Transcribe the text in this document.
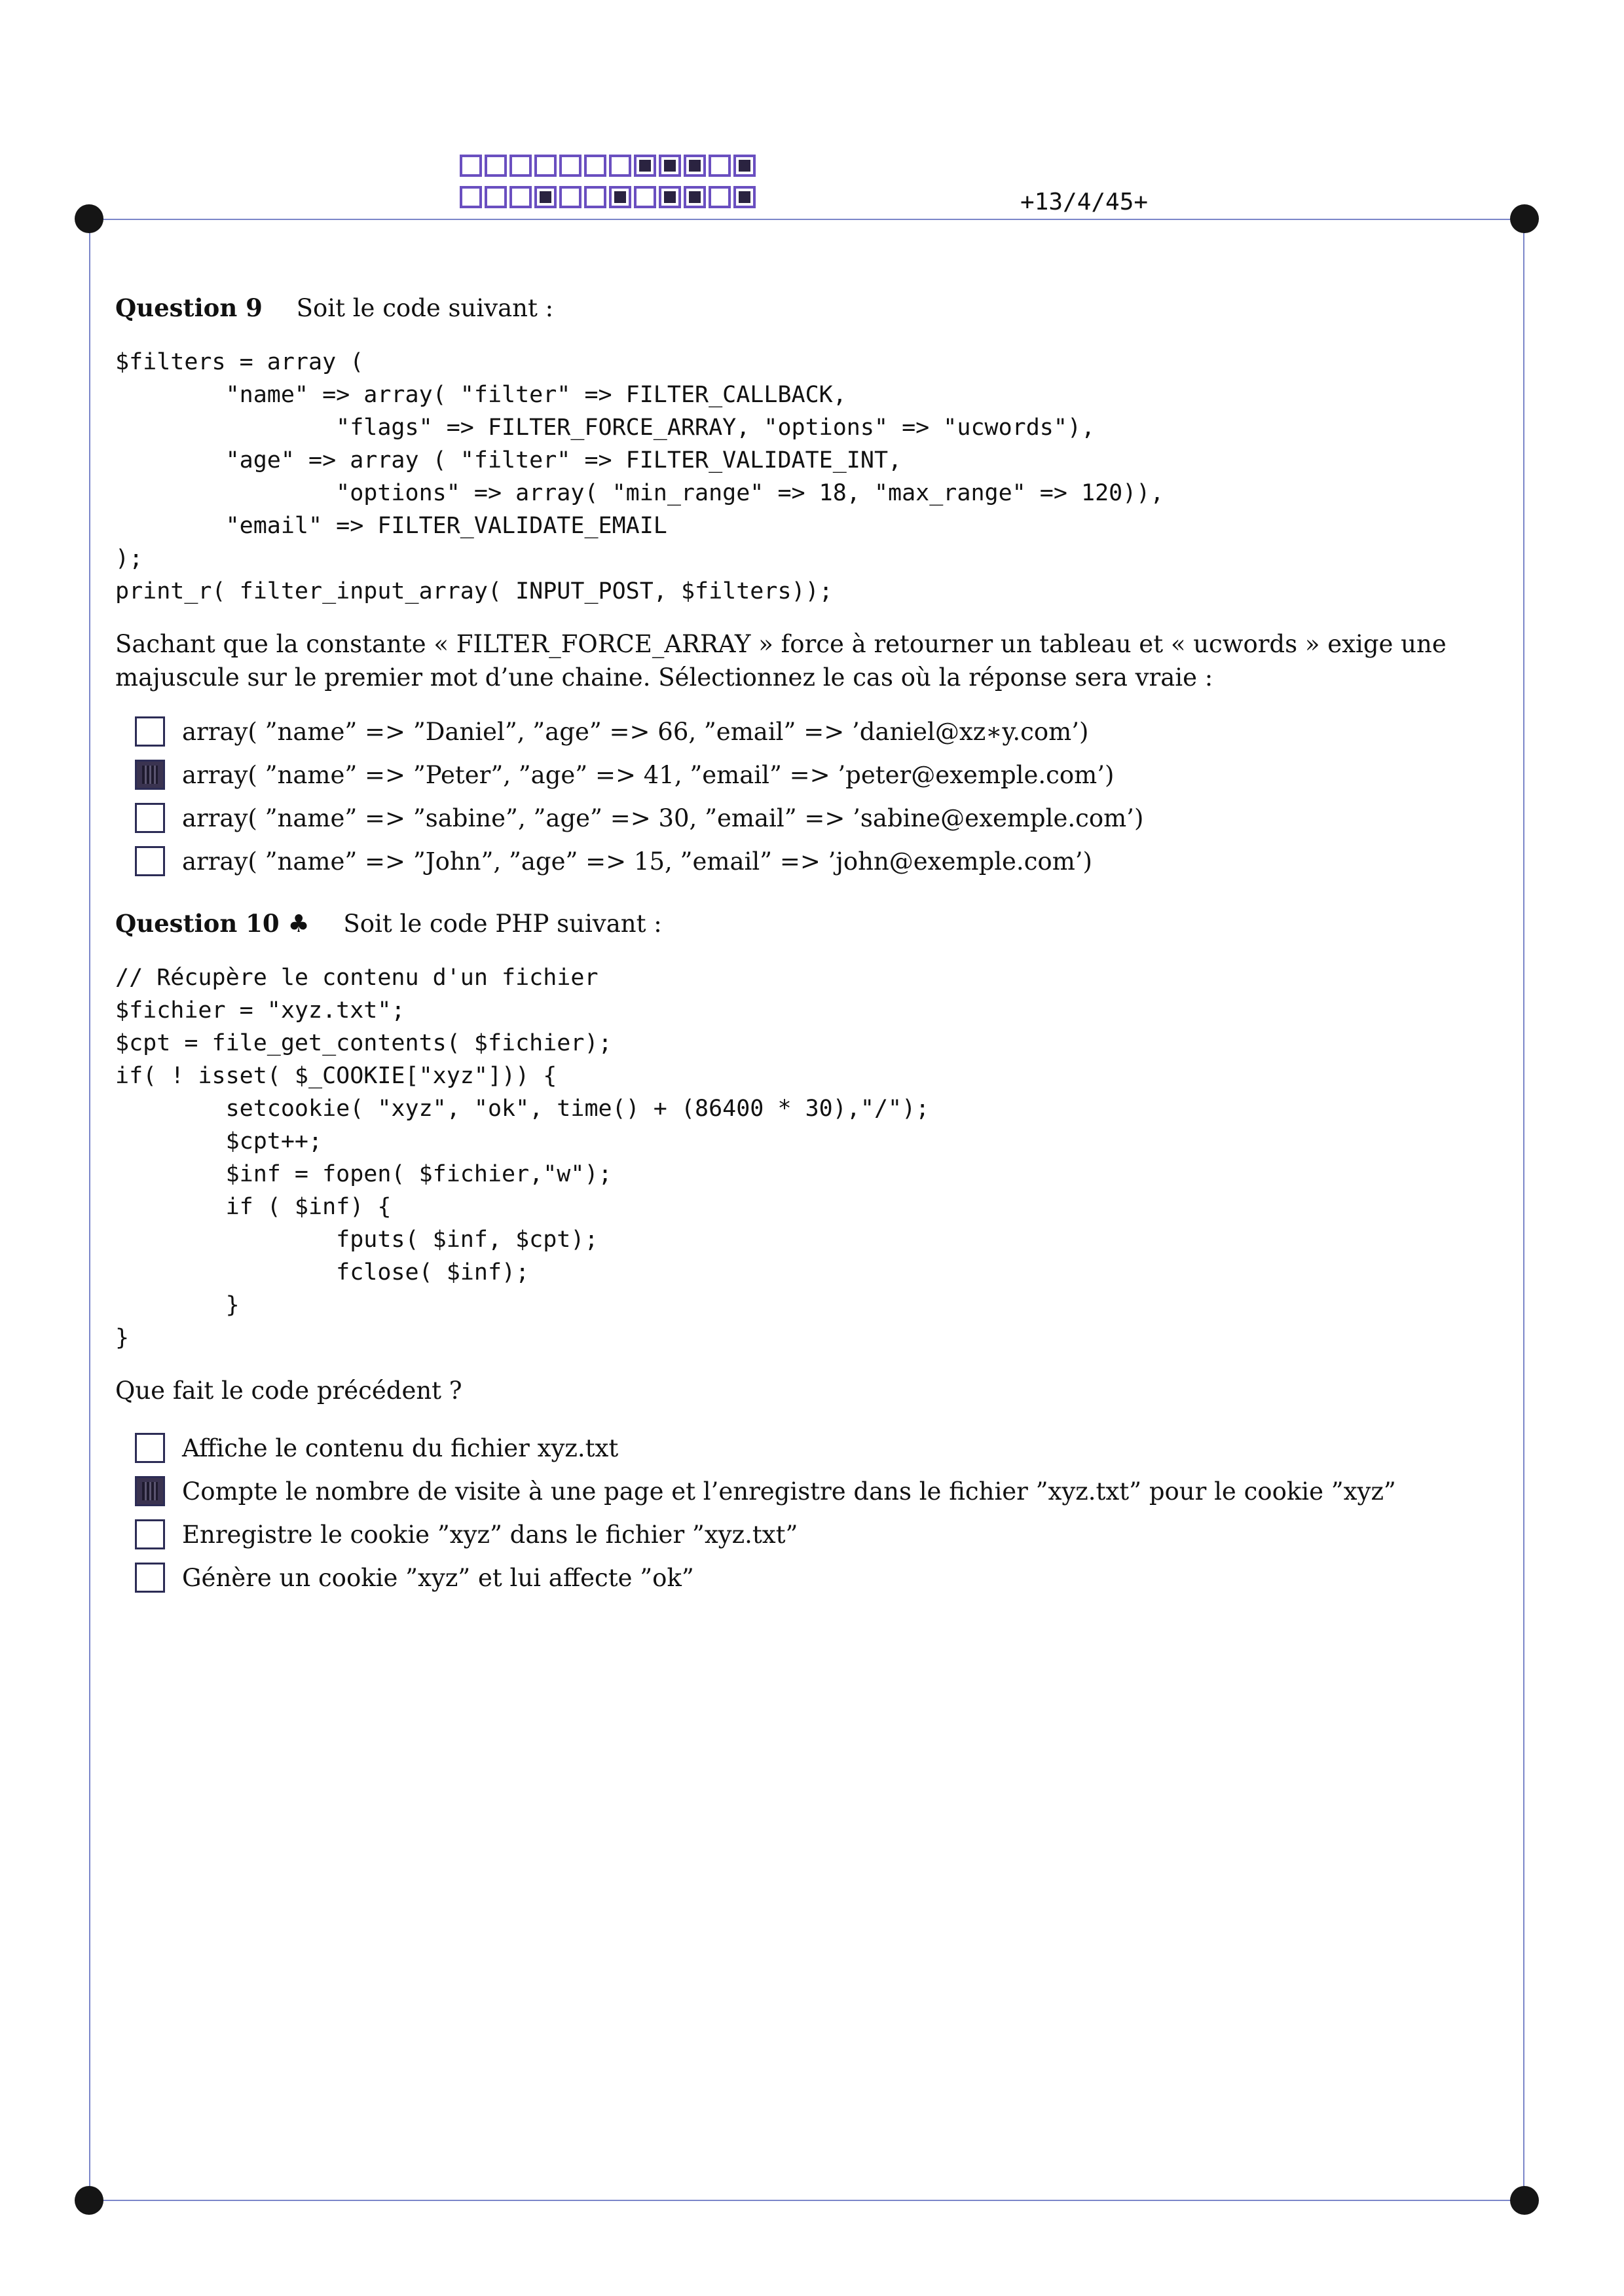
+13/4/45+
Question 9 Soit le code suivant :
$filters = array (
"name" => array( "filter" => FILTER_CALLBACK,
"flags" => FILTER_FORCE_ARRAY, "options" => "ucwords"),
"age" => array ( "filter" => FILTER_VALIDATE_INT,
"options" => array( "min_range" => 18, "max_range" => 120)),
"email" => FILTER_VALIDATE_EMAIL
);
print_r( filter_input_array( INPUT_POST, $filters));
Sachant que la constante « FILTER_FORCE_ARRAY » force à retourner un tableau et « ucwords » exige une majuscule sur le premier mot d’une chaine. Sélectionnez le cas où la réponse sera vraie :
array( ”name” => ”Daniel”, ”age” => 66, ”email” => ’daniel@xz∗y.com’)
array( ”name” => ”Peter”, ”age” => 41, ”email” => ’peter@exemple.com’)
array( ”name” => ”sabine”, ”age” => 30, ”email” => ’sabine@exemple.com’)
array( ”name” => ”John”, ”age” => 15, ”email” => ’john@exemple.com’)
Question 10 ♣ Soit le code PHP suivant :
// Récupère le contenu d'un fichier
$fichier = "xyz.txt";
$cpt = file_get_contents( $fichier);
if( ! isset( $_COOKIE["xyz"])) {
setcookie( "xyz", "ok", time() + (86400 * 30),"/");
$cpt++;
$inf = fopen( $fichier,"w");
if ( $inf) {
fputs( $inf, $cpt);
fclose( $inf);
}
}
Que fait le code précédent ?
Affiche le contenu du fichier xyz.txt
Compte le nombre de visite à une page et l’enregistre dans le fichier ”xyz.txt” pour le cookie ”xyz”
Enregistre le cookie ”xyz” dans le fichier ”xyz.txt”
Génère un cookie ”xyz” et lui affecte ”ok”
